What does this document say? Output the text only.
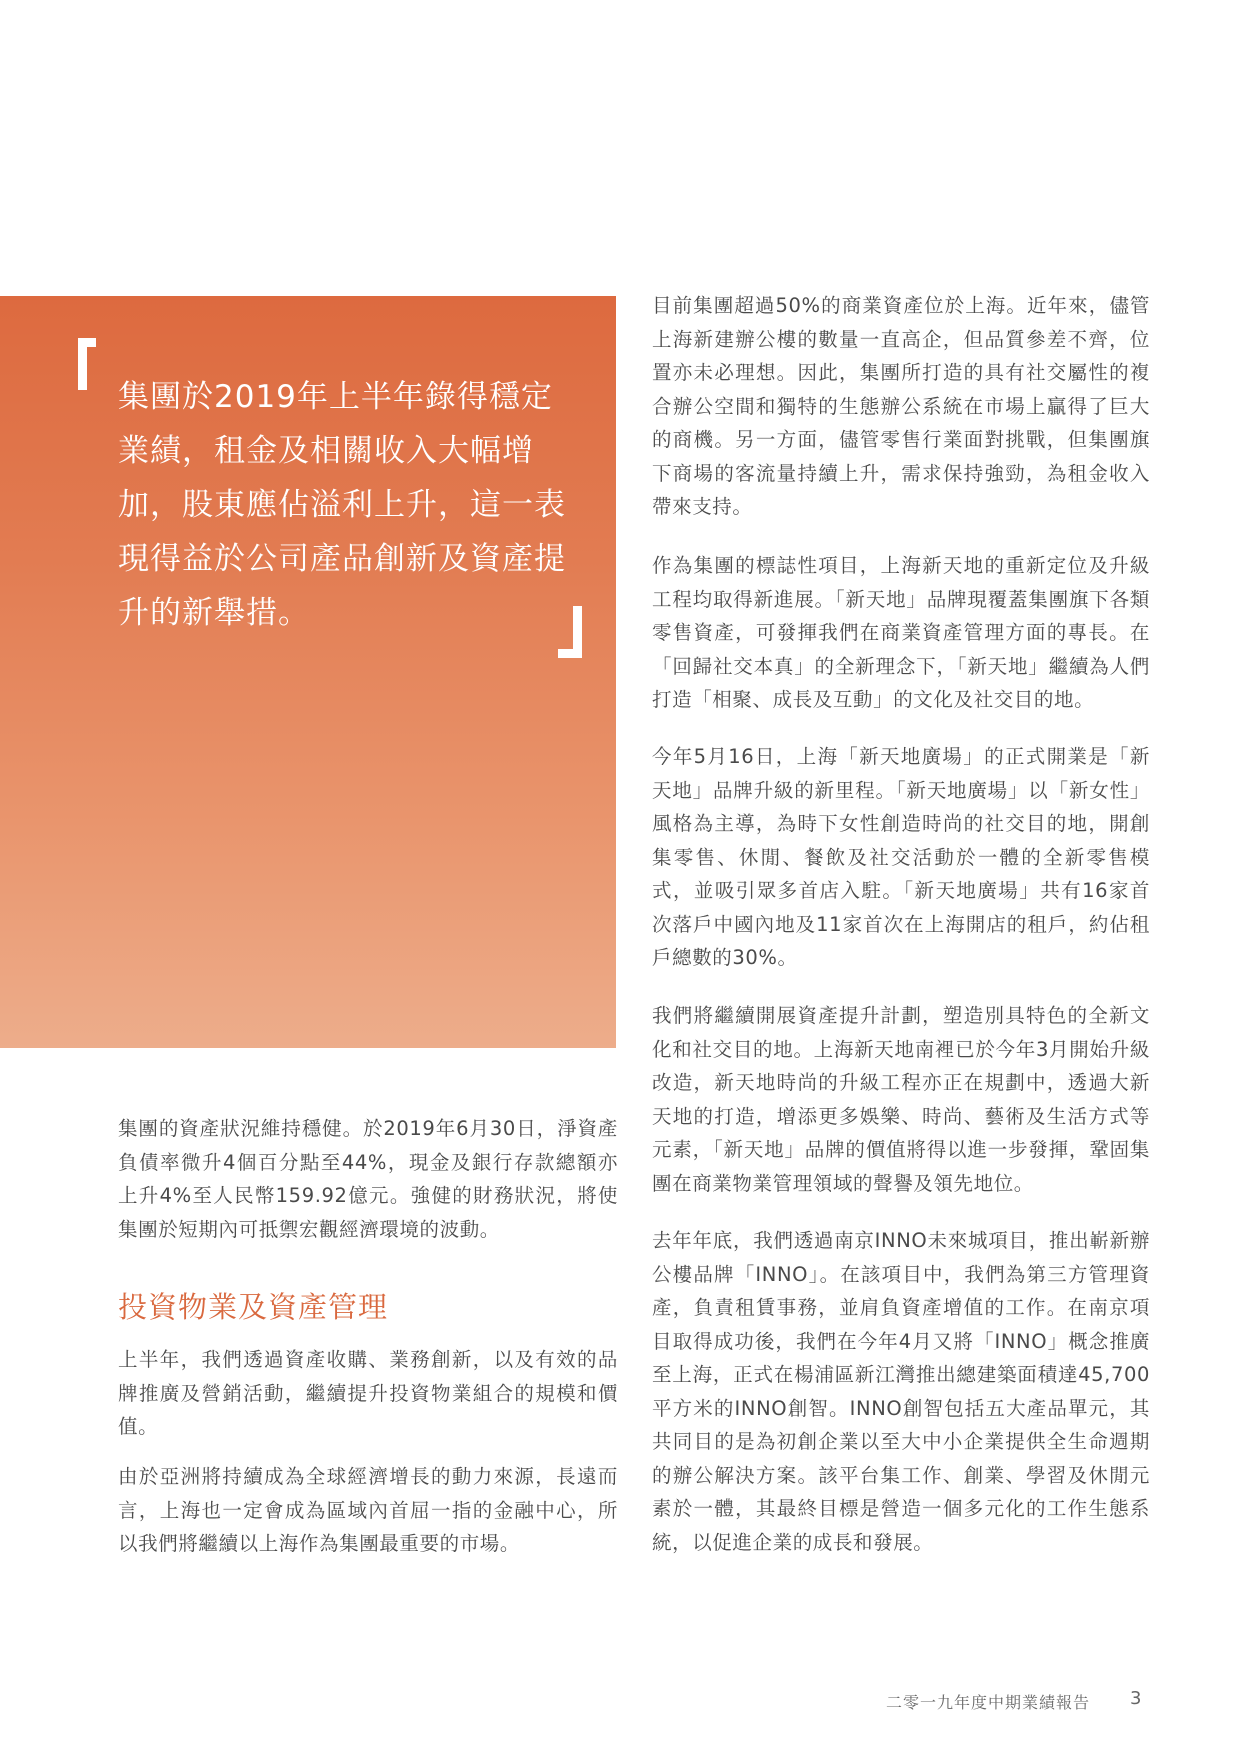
集團於2019年上半年錄得穩定業績，租金及相關收入大幅增加，股東應佔溢利上升，這一表現得益於公司產品創新及資產提升的新舉措。

集團的資產狀況維持穩健。於2019年6月30日，淨資產負債率微升4個百分點至44%，現金及銀行存款總額亦上升4%至人民幣159.92億元。強健的財務狀況，將使集團於短期內可抵禦宏觀經濟環境的波動。

投資物業及資產管理

上半年，我們透過資產收購、業務創新，以及有效的品牌推廣及營銷活動，繼續提升投資物業組合的規模和價值。

由於亞洲將持續成為全球經濟增長的動力來源，長遠而言，上海也一定會成為區域內首屈一指的金融中心，所以我們將繼續以上海作為集團最重要的市場。

目前集團超過50%的商業資產位於上海。近年來，儘管上海新建辦公樓的數量一直高企，但品質參差不齊，位置亦未必理想。因此，集團所打造的具有社交屬性的複合辦公空間和獨特的生態辦公系統在市場上贏得了巨大的商機。另一方面，儘管零售行業面對挑戰，但集團旗下商場的客流量持續上升，需求保持強勁，為租金收入帶來支持。

作為集團的標誌性項目，上海新天地的重新定位及升級工程均取得新進展。「新天地」品牌現覆蓋集團旗下各類零售資產，可發揮我們在商業資產管理方面的專長。在「回歸社交本真」的全新理念下，「新天地」繼續為人們打造「相聚、成長及互動」的文化及社交目的地。

今年5月16日，上海「新天地廣場」的正式開業是「新天地」品牌升級的新里程。「新天地廣場」以「新女性」風格為主導，為時下女性創造時尚的社交目的地，開創集零售、休閒、餐飲及社交活動於一體的全新零售模式，並吸引眾多首店入駐。「新天地廣場」共有16家首次落戶中國內地及11家首次在上海開店的租戶，約佔租戶總數的30%。

我們將繼續開展資產提升計劃，塑造別具特色的全新文化和社交目的地。上海新天地南裡已於今年3月開始升級改造，新天地時尚的升級工程亦正在規劃中，透過大新天地的打造，增添更多娛樂、時尚、藝術及生活方式等元素，「新天地」品牌的價值將得以進一步發揮，鞏固集團在商業物業管理領域的聲譽及領先地位。

去年年底，我們透過南京INNO未來城項目，推出嶄新辦公樓品牌「INNO」。在該項目中，我們為第三方管理資產，負責租賃事務，並肩負資產增值的工作。在南京項目取得成功後，我們在今年4月又將「INNO」概念推廣至上海，正式在楊浦區新江灣推出總建築面積達45,700平方米的INNO創智。INNO創智包括五大產品單元，其共同目的是為初創企業以至大中小企業提供全生命週期的辦公解決方案。該平台集工作、創業、學習及休閒元素於一體，其最終目標是營造一個多元化的工作生態系統，以促進企業的成長和發展。

二零一九年度中期業績報告 3
